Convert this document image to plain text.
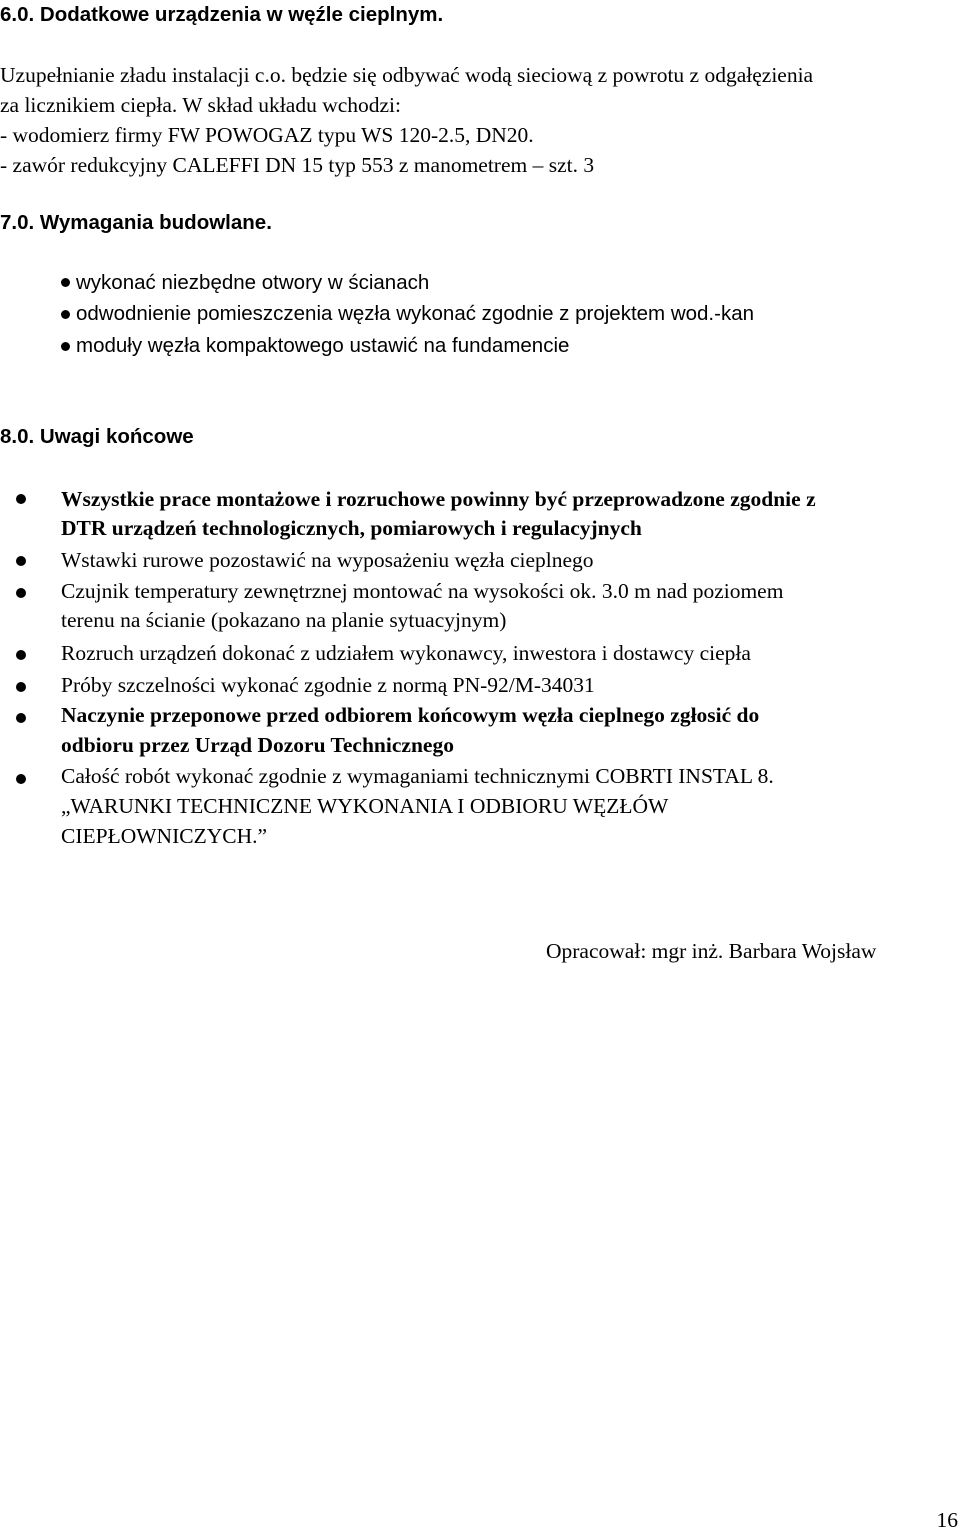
6.0. Dodatkowe urządzenia w węźle cieplnym.
Uzupełnianie zładu instalacji c.o. będzie się odbywać wodą sieciową z powrotu z odgałęzienia
za licznikiem ciepła. W skład układu wchodzi:
- wodomierz firmy FW POWOGAZ typu WS 120-2.5, DN20.
- zawór redukcyjny CALEFFI DN 15 typ 553 z manometrem – szt. 3
7.0. Wymagania budowlane.
wykonać niezbędne otwory w ścianach
odwodnienie pomieszczenia węzła wykonać zgodnie z projektem wod.-kan
moduły węzła kompaktowego ustawić na fundamencie
8.0. Uwagi końcowe
Wszystkie prace montażowe i rozruchowe powinny być przeprowadzone zgodnie z
DTR urządzeń technologicznych, pomiarowych i regulacyjnych
Wstawki rurowe pozostawić na wyposażeniu węzła cieplnego
Czujnik temperatury zewnętrznej montować na wysokości ok. 3.0 m nad poziomem
terenu na ścianie (pokazano na planie sytuacyjnym)
Rozruch urządzeń dokonać z udziałem wykonawcy, inwestora i dostawcy ciepła
Próby szczelności wykonać zgodnie z normą PN-92/M-34031
Naczynie przeponowe przed odbiorem końcowym węzła cieplnego zgłosić do
odbioru przez Urząd Dozoru Technicznego
Całość robót wykonać zgodnie z wymaganiami technicznymi COBRTI INSTAL 8.
„WARUNKI TECHNICZNE WYKONANIA I ODBIORU WĘZŁÓW
CIEPŁOWNICZYCH.”
Opracował: mgr inż. Barbara Wojsław
16
